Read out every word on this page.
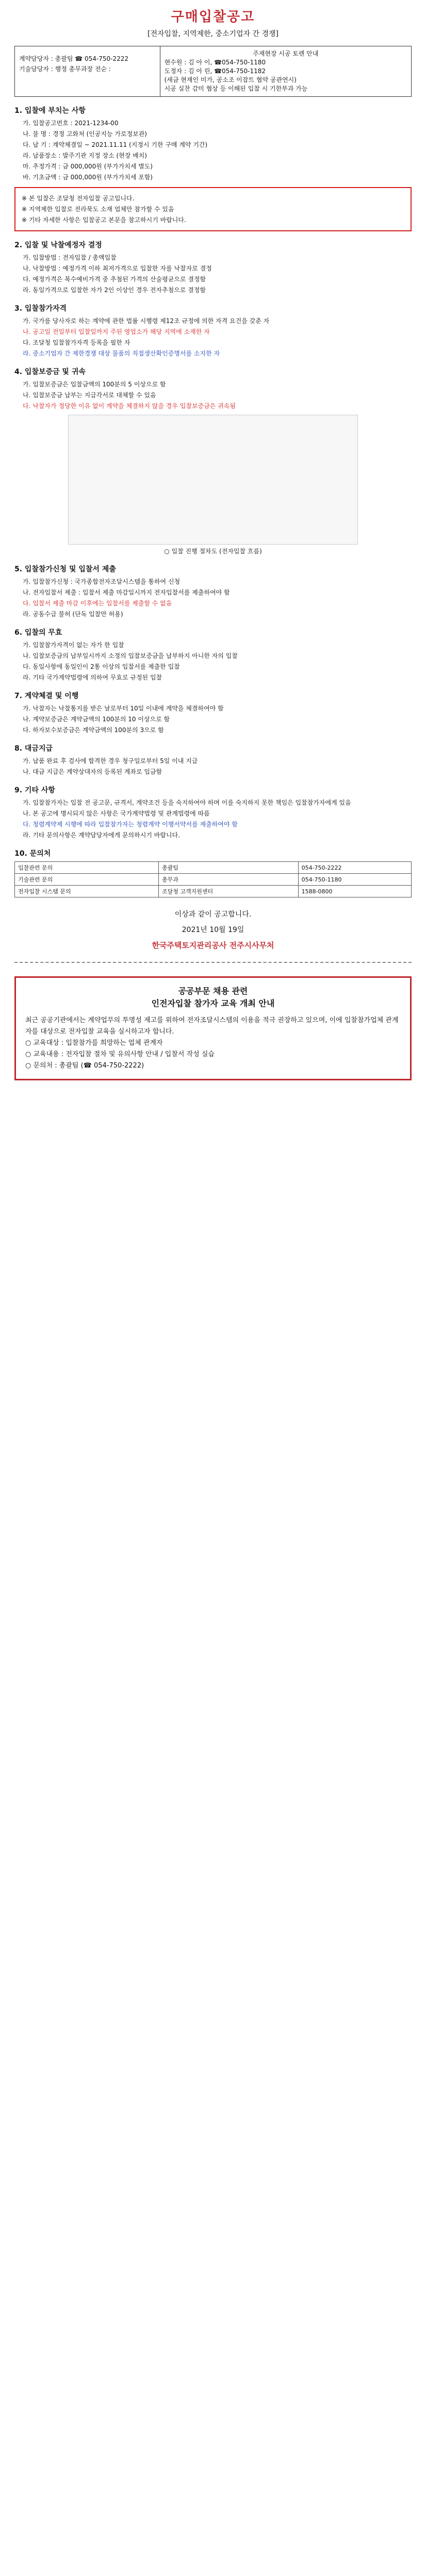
구매입찰공고
[전자입찰, 지역제한, 중소기업자 간 경쟁]
계약담당자 : 총괄팀 ☎ 054-750-2222
기술담당자 : 행정 총무과장 전순 :
주재현장 시공 토렌 안내
현수원 : 김 아 이, ☎054-750-1180
도정자 : 김 아 린, ☎054-750-1182
(세금 현재인 미가, 공소조 이잡트 협약 공관연시)
시공 실찬 감미 협상 등 이해된 입찰 시 기한부과 가능
1. 입찰에 부치는 사항

가. 입찰공고번호 : 2021-1234-00

나. 물 명 : 경정 고화처 (인공지능 가로정보관)

다. 납 기 : 계약체결일 ~ 2021.11.11 (지정시 기한 구매 계약 기간)

라. 납품장소 : 발주기관 지정 장소 (현장 배치)

마. 추정가격 : 금 000,000원 (부가가치세 별도)

바. 기초금액 : 금 000,000원 (부가가치세 포함)

※ 본 입찰은 조달청 전자입찰 공고입니다.

※ 지역제한 입찰로 전라북도 소재 업체만 참가할 수 있음

※ 기타 자세한 사항은 입찰공고 본문을 참고하시기 바랍니다.

2. 입찰 및 낙찰예정자 결정

가. 입찰방법 : 전자입찰 / 총액입찰

나. 낙찰방법 : 예정가격 이하 최저가격으로 입찰한 자를 낙찰자로 결정

다. 예정가격은 복수예비가격 중 추첨된 가격의 산술평균으로 결정함

라. 동일가격으로 입찰한 자가 2인 이상인 경우 전자추첨으로 결정함

3. 입찰참가자격

가. 국가를 당사자로 하는 계약에 관한 법률 시행령 제12조 규정에 의한 자격 요건을 갖춘 자

나. 공고일 전일부터 입찰일까지 주된 영업소가 해당 지역에 소재한 자

다. 조달청 입찰참가자격 등록을 필한 자

라. 중소기업자 간 제한경쟁 대상 물품의 직접생산확인증명서를 소지한 자

4. 입찰보증금 및 귀속

가. 입찰보증금은 입찰금액의 100분의 5 이상으로 함

나. 입찰보증금 납부는 지급각서로 대체할 수 있음

다. 낙찰자가 정당한 이유 없이 계약을 체결하지 않을 경우 입찰보증금은 귀속됨

○ 입찰 진행 절차도 (전자입찰 흐름)
5. 입찰참가신청 및 입찰서 제출

가. 입찰참가신청 : 국가종합전자조달시스템을 통하여 신청

나. 전자입찰서 제출 : 입찰서 제출 마감일시까지 전자입찰서를 제출하여야 함

다. 입찰서 제출 마감 이후에는 입찰서를 제출할 수 없음

라. 공동수급 불허 (단독 입찰만 허용)

6. 입찰의 무효

가. 입찰참가자격이 없는 자가 한 입찰

나. 입찰보증금의 납부일시까지 소정의 입찰보증금을 납부하지 아니한 자의 입찰

다. 동일사항에 동일인이 2통 이상의 입찰서를 제출한 입찰

라. 기타 국가계약법령에 의하여 무효로 규정된 입찰

7. 계약체결 및 이행

가. 낙찰자는 낙찰통지를 받은 날로부터 10일 이내에 계약을 체결하여야 함

나. 계약보증금은 계약금액의 100분의 10 이상으로 함

다. 하자보수보증금은 계약금액의 100분의 3으로 함

8. 대금지급

가. 납품 완료 후 검사에 합격한 경우 청구일로부터 5일 이내 지급

나. 대금 지급은 계약상대자의 등록된 계좌로 입금함

9. 기타 사항

가. 입찰참가자는 입찰 전 공고문, 규격서, 계약조건 등을 숙지하여야 하며 이를 숙지하지 못한 책임은 입찰참가자에게 있음

나. 본 공고에 명시되지 않은 사항은 국가계약법령 및 관계법령에 따름

다. 청렴계약제 시행에 따라 입찰참가자는 청렴계약 이행서약서를 제출하여야 함

라. 기타 문의사항은 계약담당자에게 문의하시기 바랍니다.

10. 문의처
입찰관련 문의	총괄팀	054-750-2222
기술관련 문의	총무과	054-750-1180
전자입찰 시스템 문의	조달청 고객지원센터	1588-0800
이상과 같이 공고합니다.
2021년 10월 19일
한국주택토지관리공사 전주시사무처
공공부문 채용 관련
인전자입찰 참가자 교육 개최 안내
최근 공공기관에서는 계약업무의 투명성 제고를 위하여 전자조달시스템의 이용을 적극 권장하고 있으며, 이에 입찰참가업체 관계자를 대상으로 전자입찰 교육을 실시하고자 합니다.
○ 교육대상 : 입찰참가를 희망하는 업체 관계자
○ 교육내용 : 전자입찰 절차 및 유의사항 안내 / 입찰서 작성 실습
○ 문의처 : 총괄팀 (☎ 054-750-2222)
